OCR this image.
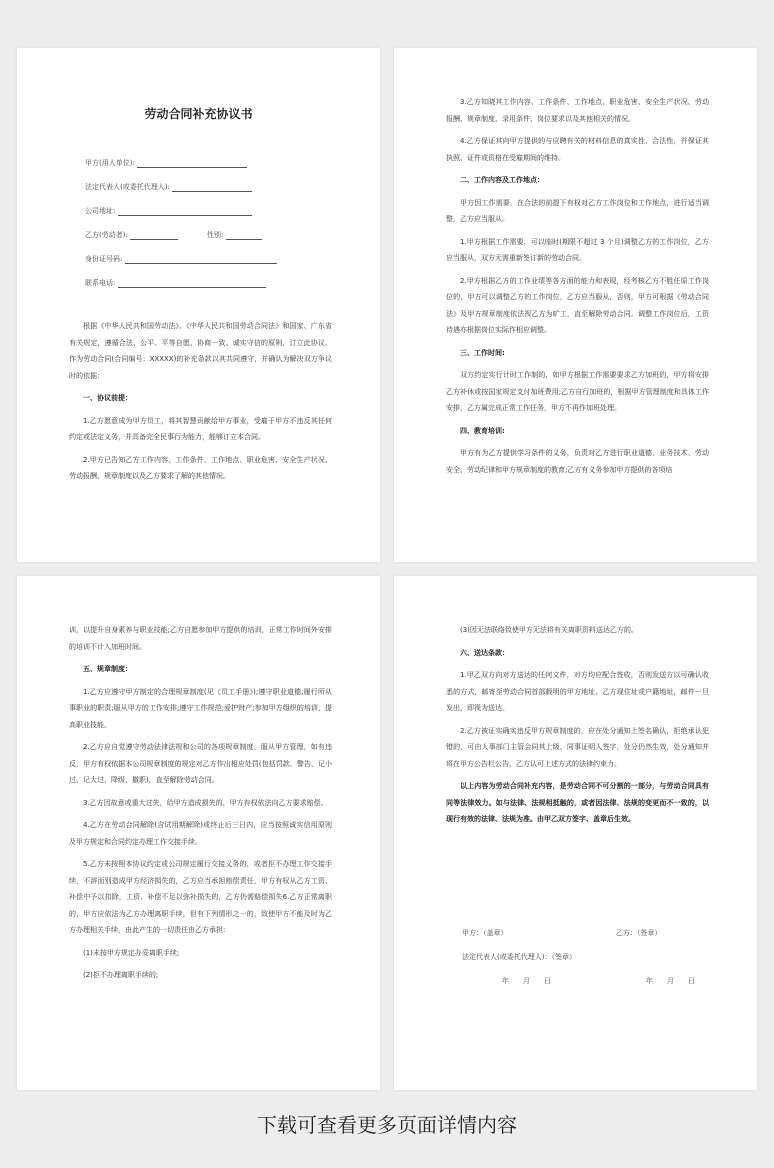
劳动合同补充协议书
甲方(用人单位):
法定代表人(或委托代理人):
公司地址:
乙方(劳动者):	性别:
身份证号码:
联系电话:

根据《中华人民共和国劳动法》、《中华人民共和国劳动合同法》和国家、广东省有关规定，遵循合法、公平、平等自愿、协商一致、诚实守信的原则，订立此协议，作为劳动合同(合同编号：XXXXX)的补充条款以其共同遵守，并确认为解决双方争议时的依据：

一、协议前提：

1.乙方愿意成为甲方员工，将其智慧贡献给甲方事业，受雇于甲方不违反其任何约定或法定义务，并具备完全民事行为能力，能够订立本合同。

2.甲方已告知乙方工作内容、工作条件、工作地点、职业危害、安全生产状况、劳动报酬、规章制度以及乙方要求了解的其他情况。

3.乙方知晓其工作内容、工作条件、工作地点、职业危害、安全生产状况、劳动报酬、规章制度、录用条件、岗位要求以及其他相关的情况。

4.乙方保证其向甲方提供的与应聘有关的材料信息的真实性、合法性，并保证其执照、证件或资格在受雇期间的维持。

二、工作内容及工作地点：

甲方因工作需要，在合法的前提下有权对乙方工作岗位和工作地点，进行适当调整，乙方应当服从。

1.甲方根据工作需要，可以临时(期限不超过 3 个月)调整乙方的工作岗位，乙方应当服从，双方无需重新签订新的劳动合同。

2.甲方根据乙方的工作业绩等各方面的能力和表现，经考核乙方不胜任原工作岗位的，甲方可以调整乙方的工作岗位，乙方应当服从，否则，甲方可根据《劳动合同法》及甲方规章制度依法视乙方为旷工，直至解除劳动合同。调整工作岗位后，工资待遇亦根据岗位实际作相应调整。

三、工作时间:

双方约定实行计时工作制的，如甲方根据工作需要要求乙方加班的，甲方将安排乙方补休或按国家规定支付加班费用;乙方自行加班的，根据甲方管理制度和具体工作安排，乙方属完成正常工作任务，甲方不再作加班处理。

四、教育培训:

甲方有为乙方提供学习条件的义务，负责对乙方进行职业道德、业务技术、劳动安全、劳动纪律和甲方规章制度的教育;乙方有义务参加甲方提供的各项培

训，以提升自身素养与职业技能;乙方自愿参加甲方提供的培训，正常工作时间外安排的培训不计入加班时间。

五、规章制度：

1.乙方应遵守甲方制定的合理规章制度(见《员工手册》);遵守职业道德;履行所从事职业的职责;服从甲方的工作安排;遵守工作规范;爱护财产;参加甲方组织的培训，提高职业技能。

2.乙方应自觉遵守劳动法律法规和公司的各项规章制度，服从甲方管理，如有违反，甲方有权依据本公司规章制度的规定对乙方作出相应处罚(包括罚款、警告、记小过、记大过、降级、撤职)，直至解除劳动合同。

3.乙方因故意或重大过失，给甲方造成损失的，甲方有权依法向乙方要求赔偿。

4.乙方在劳动合同解除(含试用期解除)或终止后三日内，应当按照诚实信用原则及甲方规定和合同约定办理工作交接手续。

5.乙方未按照本协议约定或公司规定履行交接义务的，或者拒不办理工作交接手续，不辞而别造成甲方经济损失的，乙方应当承担赔偿责任，甲方有权从乙方工资、补偿中予以扣除，工资、补偿不足以弥补损失的，乙方仍需赔偿损失6.乙方正常离职的，甲方应依法为乙方办理离职手续，但有下列情形之一的，致使甲方不能及时为乙方办理相关手续，由此产生的一切责任由乙方承担:

(1)未按甲方规定办妥离职手续;

(2)拒不办理离职手续的;

(3)因无法联络致使甲方无法将有关离职资料送达乙方的。

六、送达条款：

1.甲乙双方向对方送达的任何文件，对方均应配合签收，否则发送方以可确认收悉的方式，邮寄至劳动合同首部载明的甲方地址、乙方现住址或户籍地址，邮件一旦发出，即视为送达。

2.乙方被证实确实违反甲方规章制度的，应在处分通知上签名确认，拒绝承认犯错的，可由人事部门主管会同其上级、同事证明人签字，处分仍然生效，处分通知并将在甲方公告栏公告，乙方认可上述方式的法律约束力。

以上内容为劳动合同补充内容，是劳动合同不可分割的一部分，与劳动合同具有同等法律效力。如与法律、法规相抵触的，或者因法律、法规的变更而不一致的，以现行有效的法律、法规为准。由甲乙双方签字、盖章后生效。

甲方：（盖章）	乙方：（签章）
法定代表人(或委托代理人)：（签章）
年　　月　　日	年　　月　　日
下载可查看更多页面详情内容
